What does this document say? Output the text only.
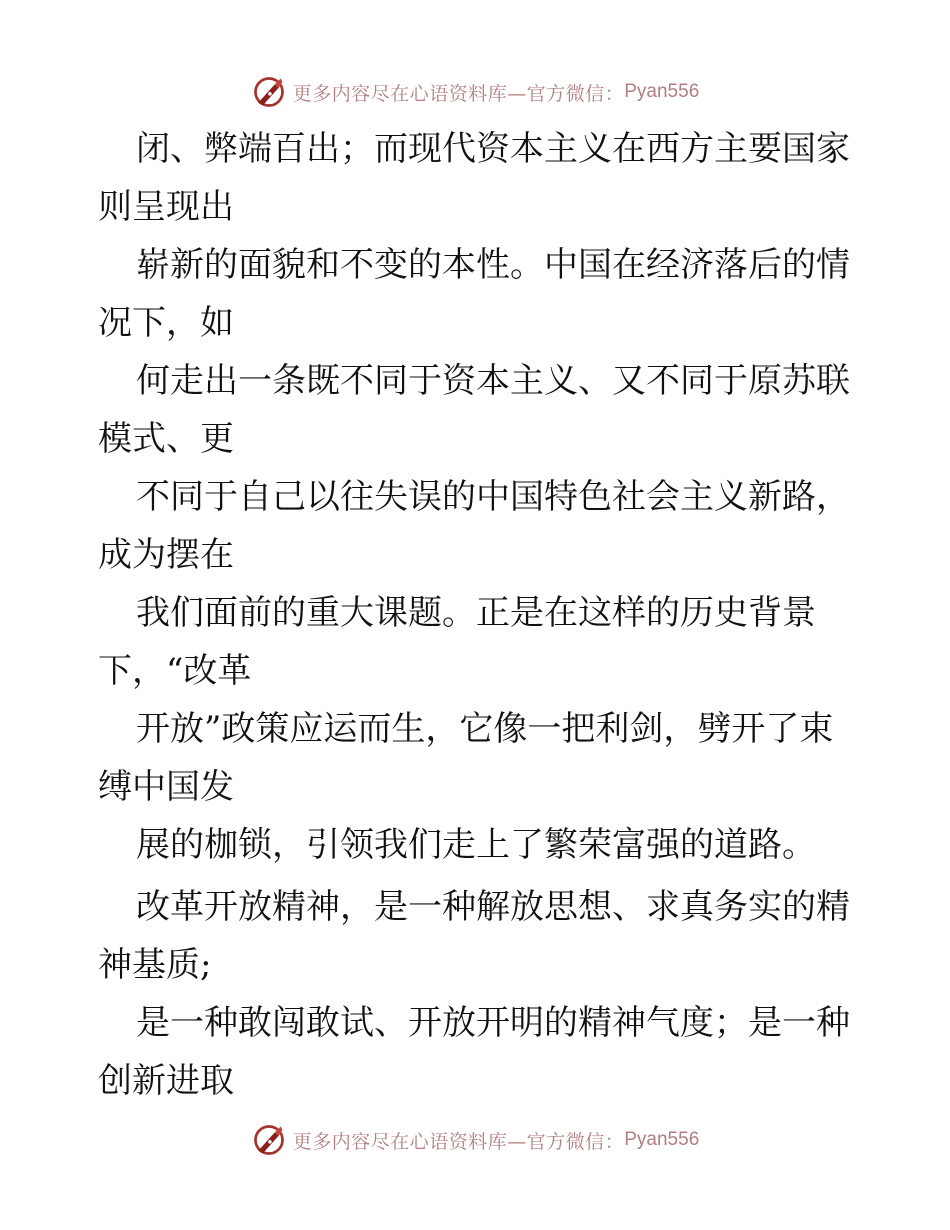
更多内容尽在心语资料库—官方微信： Pyan556
闭、弊端百出；而现代资本主义在西方主要国家
则呈现出
崭新的面貌和不变的本性。中国在经济落后的情
况下，如
何走出一条既不同于资本主义、又不同于原苏联
模式、更
不同于自己以往失误的中国特色社会主义新路，
成为摆在
我们面前的重大课题。正是在这样的历史背景
下，“改革
开放”政策应运而生，它像一把利剑，劈开了束
缚中国发
展的枷锁，引领我们走上了繁荣富强的道路。
改革开放精神，是一种解放思想、求真务实的精
神基质;
是一种敢闯敢试、开放开明的精神气度；是一种
创新进取
更多内容尽在心语资料库—官方微信： Pyan556
